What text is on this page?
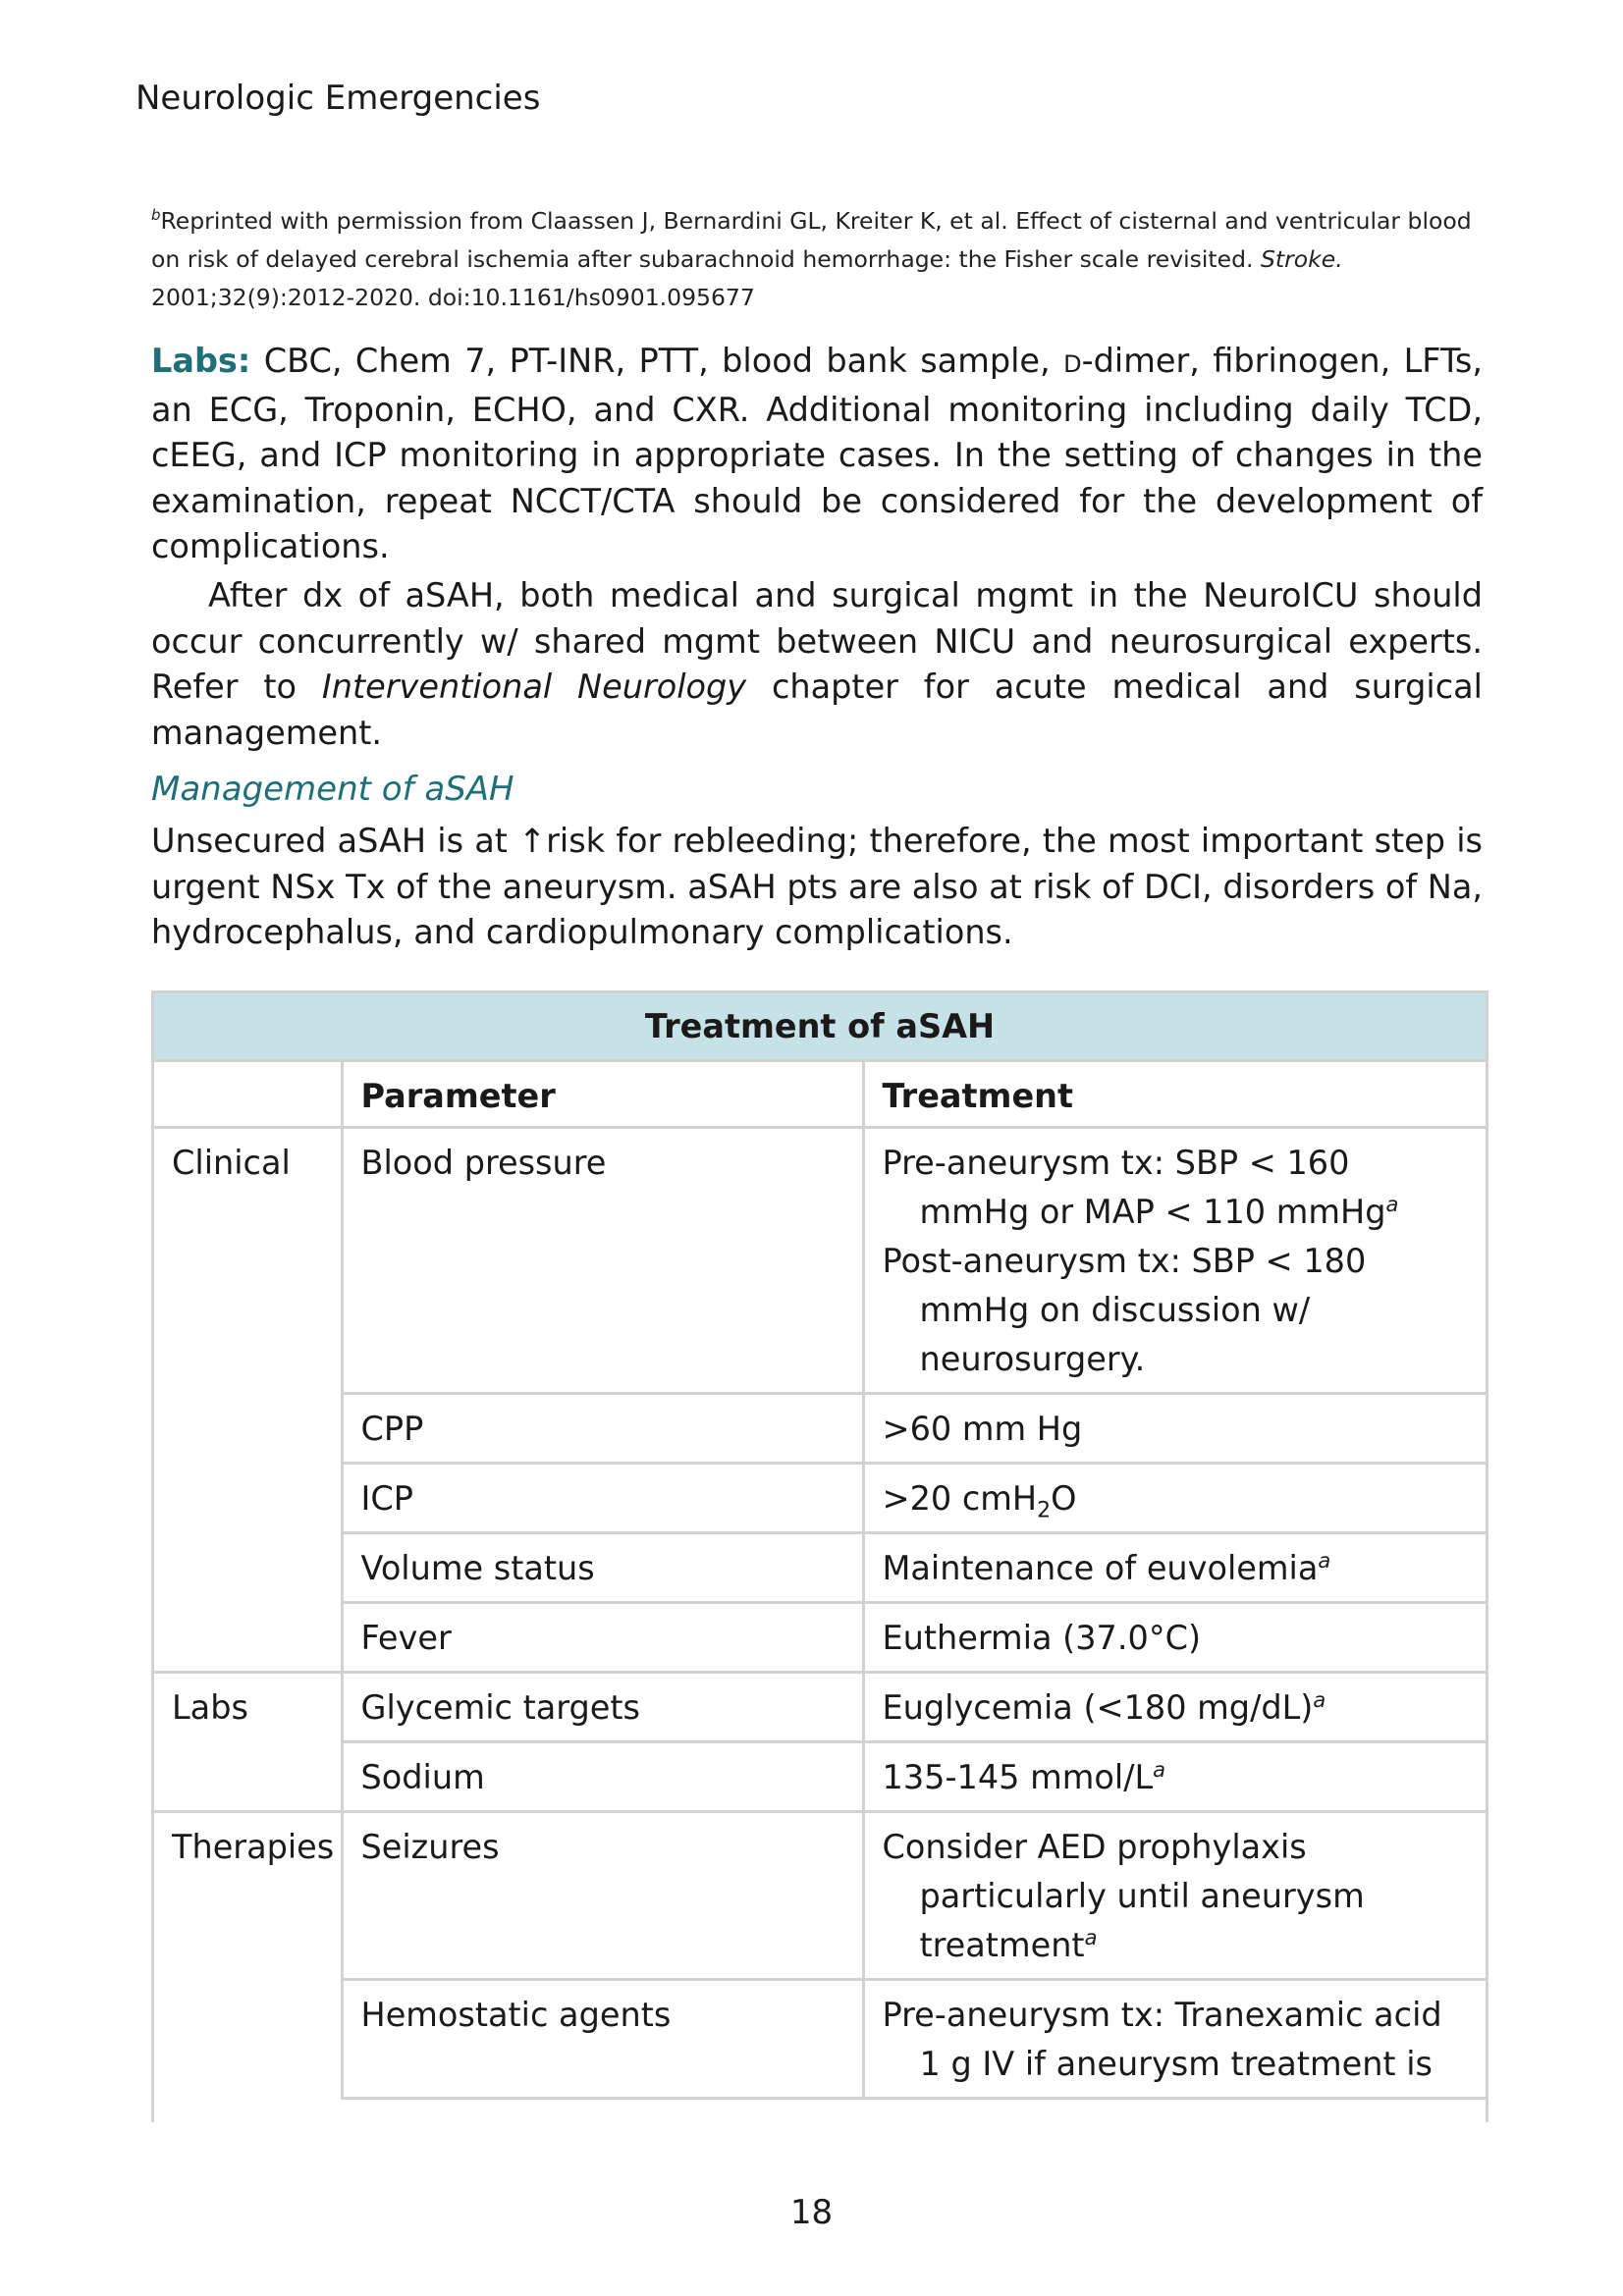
Neurologic Emergencies
$^b$Reprinted with permission from Claassen J, Bernardini GL, Kreiter K, et al. Effect of cisternal and ventricular blood on risk of delayed cerebral ischemia after subarachnoid hemorrhage: the Fisher scale revisited. Stroke. 2001;32(9):2012-2020. doi:10.1161/hs0901.095677
Labs: CBC, Chem 7, PT-INR, PTT, blood bank sample, D-dimer, fibrinogen, LFTs, an ECG, Troponin, ECHO, and CXR. Additional monitoring including daily TCD, cEEG, and ICP monitoring in appropriate cases. In the setting of changes in the examination, repeat NCCT/CTA should be considered for the development of complications.
After dx of aSAH, both medical and surgical mgmt in the NeuroICU should occur concurrently w/ shared mgmt between NICU and neurosurgical experts. Refer to Interventional Neurology chapter for acute medical and surgical management.
Management of aSAH
Unsecured aSAH is at ↑risk for rebleeding; therefore, the most important step is urgent NSx Tx of the aneurysm. aSAH pts are also at risk of DCI, disorders of Na, hydrocephalus, and cardiopulmonary complications.
Treatment of aSAH		
	Parameter	Treatment
Clinical	Blood pressure	Pre-aneurysm tx: SBP < 160 mmHg or MAP < 110 mmHg$^a$
Post-aneurysm tx: SBP < 180 mmHg on discussion w/ neurosurgery.

	CPP	>60 mm Hg
	ICP	>20 cmH$_2$O
	Volume status	Maintenance of euvolemia$^a$
	Fever	Euthermia (37.0°C)
Labs	Glycemic targets	Euglycemia (<180 mg/dL)$^a$
	Sodium	135-145 mmol/L$^a$
Therapies	Seizures	Consider AED prophylaxis particularly until aneurysm treatment$^a$

	Hemostatic agents	Pre-aneurysm tx: Tranexamic acid 1 g IV if aneurysm treatment is
18
